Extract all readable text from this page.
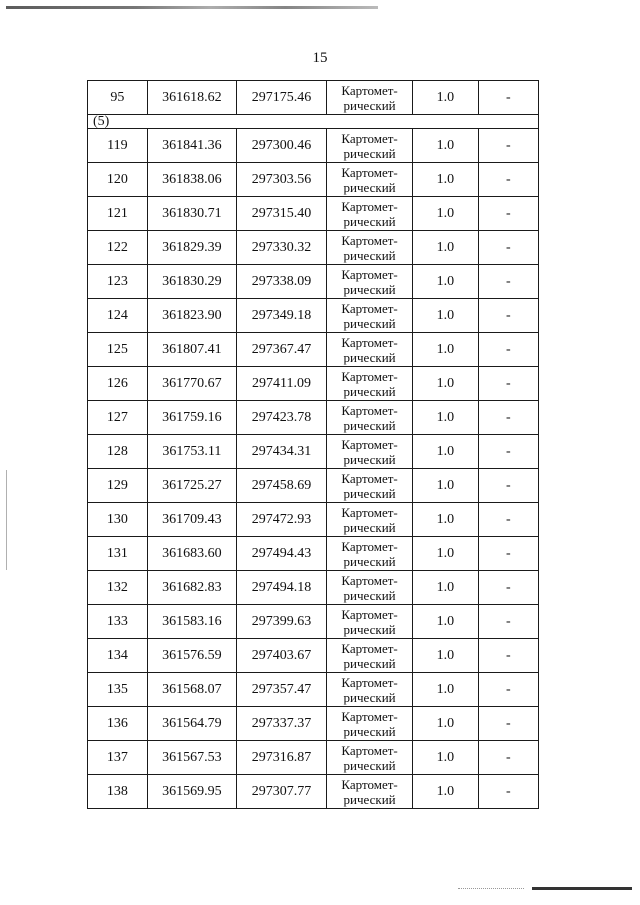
15
95	361618.62	297175.46	Картомет-
рический	1.0	-
(5)					
119	361841.36	297300.46	Картомет-
рический	1.0	-
120	361838.06	297303.56	Картомет-
рический	1.0	-
121	361830.71	297315.40	Картомет-
рический	1.0	-
122	361829.39	297330.32	Картомет-
рический	1.0	-
123	361830.29	297338.09	Картомет-
рический	1.0	-
124	361823.90	297349.18	Картомет-
рический	1.0	-
125	361807.41	297367.47	Картомет-
рический	1.0	-
126	361770.67	297411.09	Картомет-
рический	1.0	-
127	361759.16	297423.78	Картомет-
рический	1.0	-
128	361753.11	297434.31	Картомет-
рический	1.0	-
129	361725.27	297458.69	Картомет-
рический	1.0	-
130	361709.43	297472.93	Картомет-
рический	1.0	-
131	361683.60	297494.43	Картомет-
рический	1.0	-
132	361682.83	297494.18	Картомет-
рический	1.0	-
133	361583.16	297399.63	Картомет-
рический	1.0	-
134	361576.59	297403.67	Картомет-
рический	1.0	-
135	361568.07	297357.47	Картомет-
рический	1.0	-
136	361564.79	297337.37	Картомет-
рический	1.0	-
137	361567.53	297316.87	Картомет-
рический	1.0	-
138	361569.95	297307.77	Картомет-
рический	1.0	-
